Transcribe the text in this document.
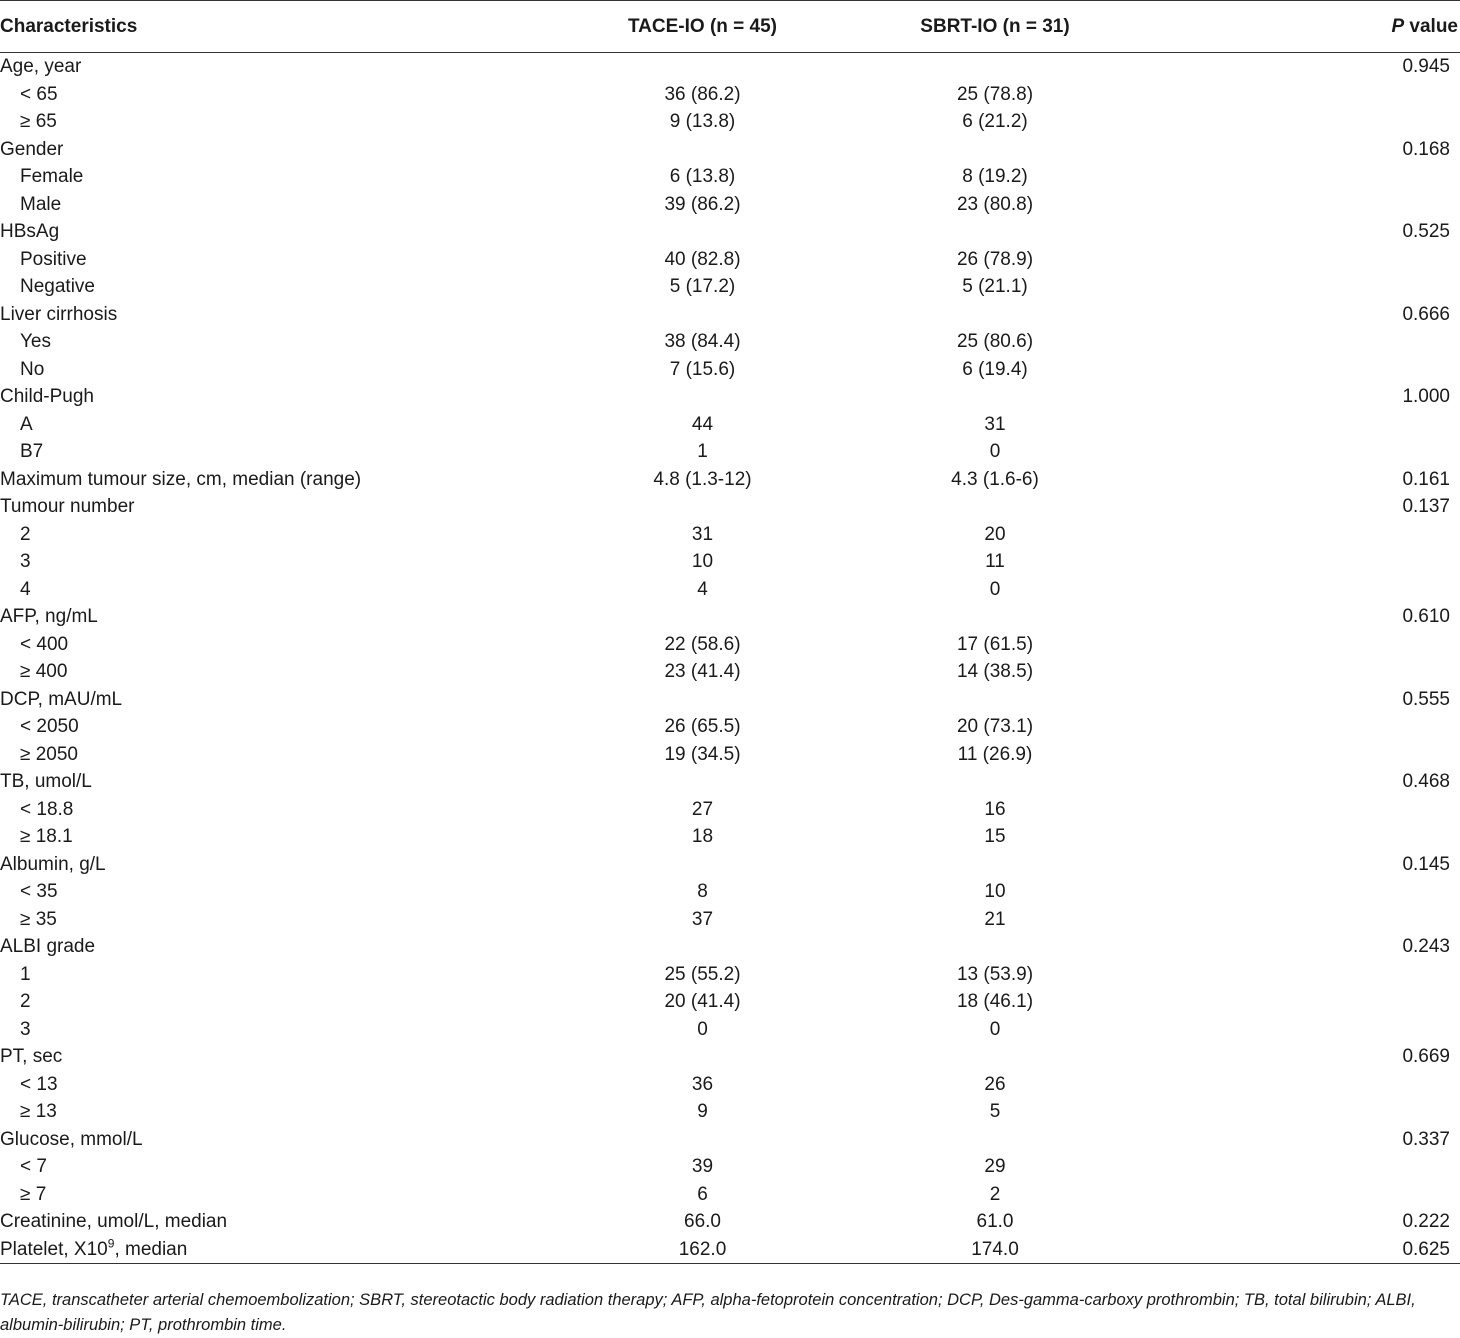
Characteristics	TACE-IO (n = 45)	SBRT-IO (n = 31)	P value
Age, year			0.945
< 65	36 (86.2)	25 (78.8)	
≥ 65	9 (13.8)	6 (21.2)	
Gender			0.168
Female	6 (13.8)	8 (19.2)	
Male	39 (86.2)	23 (80.8)	
HBsAg			0.525
Positive	40 (82.8)	26 (78.9)	
Negative	5 (17.2)	5 (21.1)	
Liver cirrhosis			0.666
Yes	38 (84.4)	25 (80.6)	
No	7 (15.6)	6 (19.4)	
Child-Pugh			1.000
A	44	31	
B7	1	0	
Maximum tumour size, cm, median (range)	4.8 (1.3-12)	4.3 (1.6-6)	0.161
Tumour number			0.137
2	31	20	
3	10	11	
4	4	0	
AFP, ng/mL			0.610
< 400	22 (58.6)	17 (61.5)	
≥ 400	23 (41.4)	14 (38.5)	
DCP, mAU/mL			0.555
< 2050	26 (65.5)	20 (73.1)	
≥ 2050	19 (34.5)	11 (26.9)	
TB, umol/L			0.468
< 18.8	27	16	
≥ 18.1	18	15	
Albumin, g/L			0.145
< 35	8	10	
≥ 35	37	21	
ALBI grade			0.243
1	25 (55.2)	13 (53.9)	
2	20 (41.4)	18 (46.1)	
3	0	0	
PT, sec			0.669
< 13	36	26	
≥ 13	9	5	
Glucose, mmol/L			0.337
< 7	39	29	
≥ 7	6	2	
Creatinine, umol/L, median	66.0	61.0	0.222
Platelet, $X10^9$, median	162.0	174.0	0.625
TACE, transcatheter arterial chemoembolization; SBRT, stereotactic body radiation therapy; AFP, alpha-fetoprotein concentration; DCP, Des-gamma-carboxy prothrombin; TB, total bilirubin; ALBI, albumin-bilirubin; PT, prothrombin time.
